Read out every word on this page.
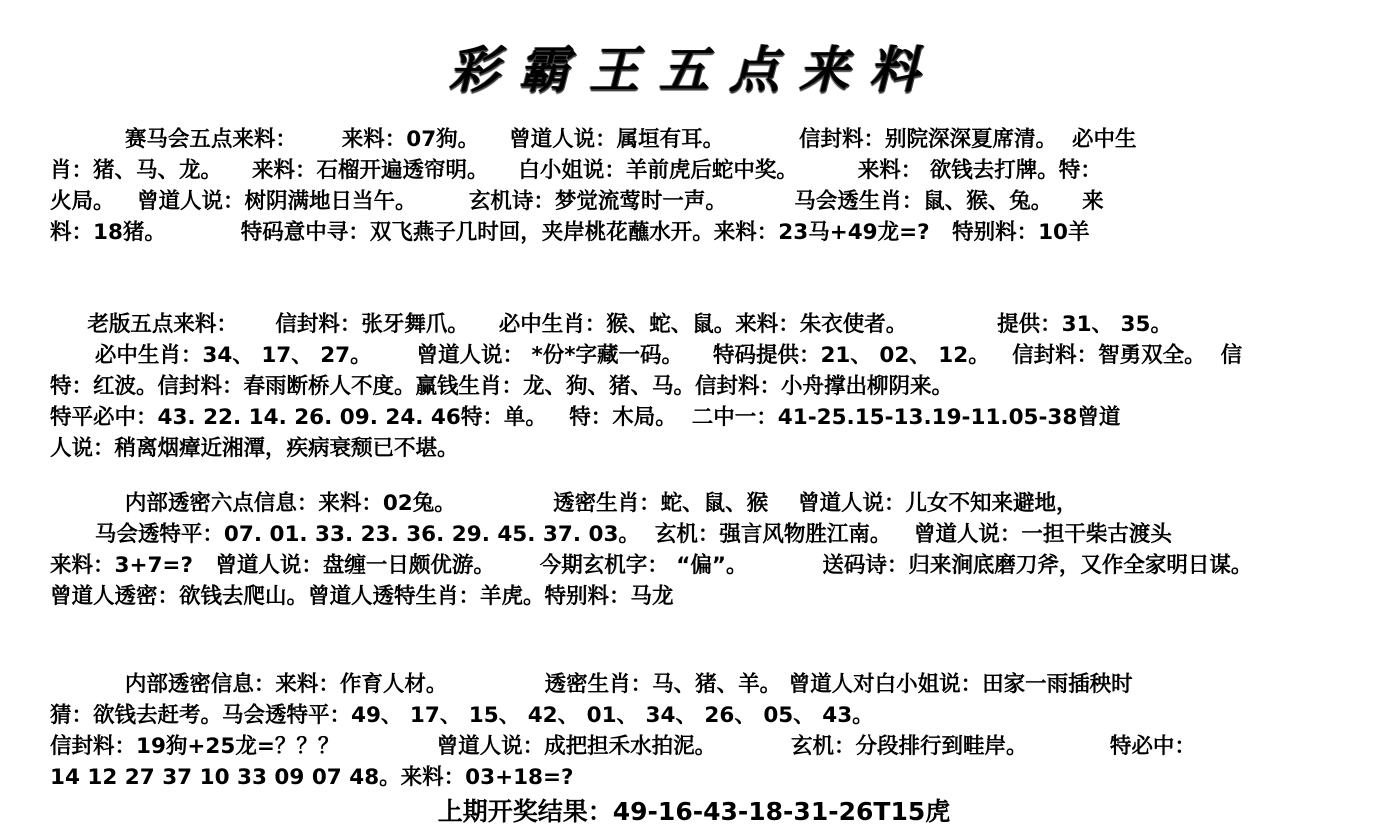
彩霸王五点来料
赛马会五点来料：      来料：07狗。    曾道人说：属垣有耳。          信封料：别院深深夏席清。  必中生
肖：猪、马、龙。    来料：石榴开遍透帘明。    白小姐说：羊前虎后蛇中奖。        来料： 欲钱去打牌。特：
火局。   曾道人说：树阴满地日当午。       玄机诗：梦觉流莺时一声。         马会透生肖：鼠、猴、兔。    来
料：18猪。          特码意中寻：双飞燕子几时回，夹岸桃花蘸水开。来料：23马+49龙=?   特别料：10羊
老版五点来料：     信封料：张牙舞爪。    必中生肖：猴、蛇、鼠。来料：朱衣使者。            提供：31、 35。
必中生肖：34、 17、 27。      曾道人说： *份*字藏一码。    特码提供：21、 02、 12。   信封料：智勇双全。  信
特：红波。信封料：春雨断桥人不度。赢钱生肖：龙、狗、猪、马。信封料：小舟撑出柳阴来。
特平必中：43. 22. 14. 26. 09. 24. 46特：单。   特：木局。  二中一：41-25.15-13.19-11.05-38曾道
人说：稍离烟瘴近湘潭，疾病衰颓已不堪。
内部透密六点信息：来料：02兔。             透密生肖：蛇、鼠、猴    曾道人说：儿女不知来避地，
马会透特平：07. 01. 33. 23. 36. 29. 45. 37. 03。  玄机：强言风物胜江南。   曾道人说：一担干柴古渡头
来料：3+7=?   曾道人说：盘缠一日颇优游。      今期玄机字： “偏”。          送码诗：归来涧底磨刀斧，又作全家明日谋。
曾道人透密：欲钱去爬山。曾道人透特生肖：羊虎。特别料：马龙
内部透密信息：来料：作育人材。             透密生肖：马、猪、羊。 曾道人对白小姐说：田家一雨插秧时
猜：欲钱去赶考。马会透特平：49、 17、 15、 42、 01、 34、 26、 05、 43。
信封料：19狗+25龙=？？？             曾道人说：成把担禾水拍泥。          玄机：分段排行到畦岸。           特必中：
14 12 27 37 10 33 09 07 48。来料：03+18=?
上期开奖结果：49-16-43-18-31-26T15虎
